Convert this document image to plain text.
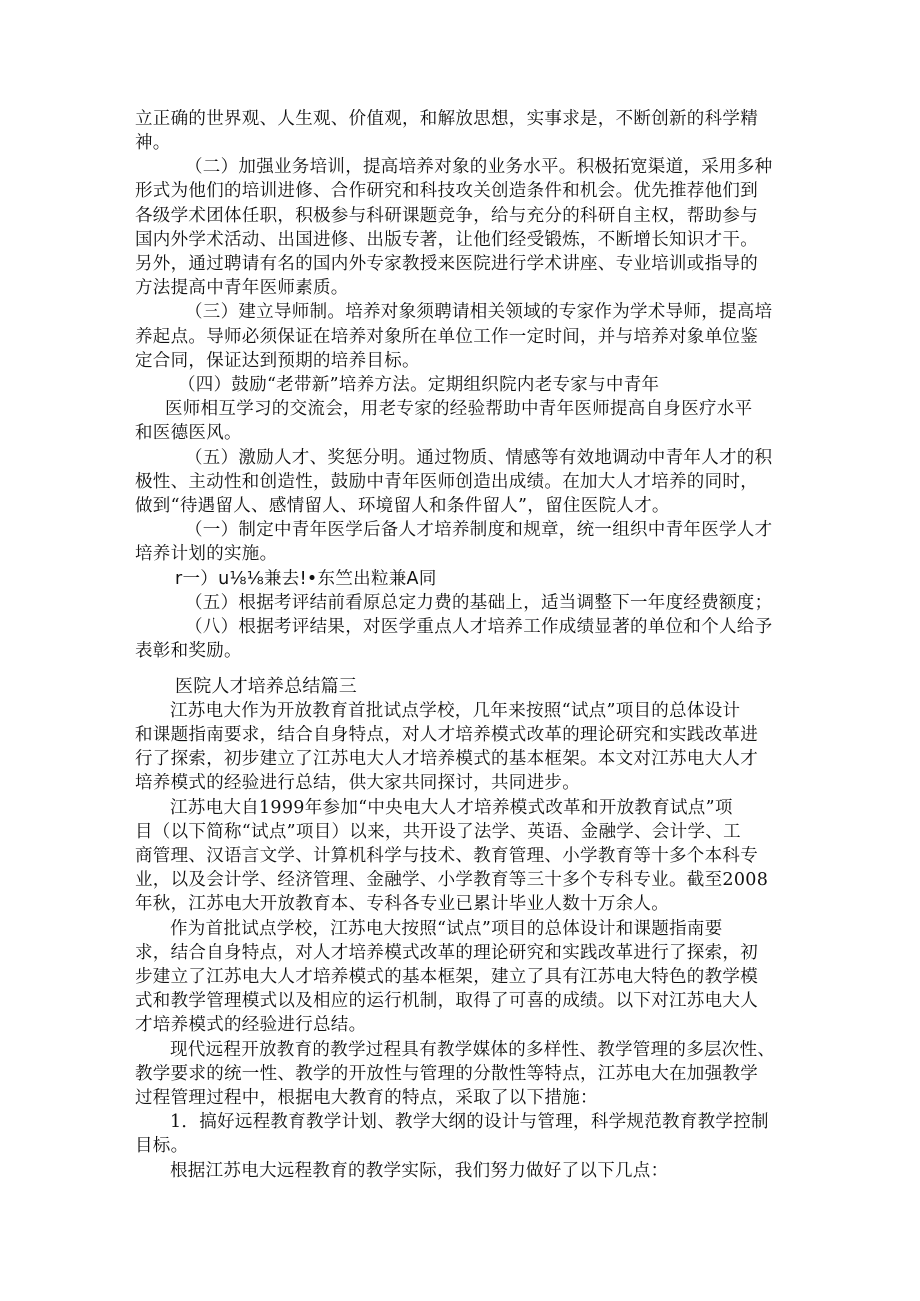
立正确的世界观、人生观、价值观，和解放思想，实事求是，不断创新的科学精
神。
（二）加强业务培训，提高培养对象的业务水平。积极拓宽渠道，采用多种
形式为他们的培训进修、合作研究和科技攻关创造条件和机会。优先推荐他们到
各级学术团体任职，积极参与科研课题竞争，给与充分的科研自主权，帮助参与
国内外学术活动、出国进修、出版专著，让他们经受锻炼，不断增长知识才干。
另外，通过聘请有名的国内外专家教授来医院进行学术讲座、专业培训或指导的
方法提高中青年医师素质。
（三）建立导师制。培养对象须聘请相关领域的专家作为学术导师，提高培
养起点。导师必须保证在培养对象所在单位工作一定时间，并与培养对象单位鉴
定合同，保证达到预期的培养目标。
（四）鼓励“老带新”培养方法。定期组织院内老专家与中青年
医师相互学习的交流会，用老专家的经验帮助中青年医师提高自身医疗水平
和医德医风。
（五）激励人才、奖惩分明。通过物质、情感等有效地调动中青年人才的积
极性、主动性和创造性，鼓励中青年医师创造出成绩。在加大人才培养的同时，
做到“待遇留人、感情留人、环境留人和条件留人”，留住医院人才。
（一）制定中青年医学后备人才培养制度和规章，统一组织中青年医学人才
培养计划的实施。
r一）u⅛⅛兼去!•东竺出粒兼A同
（五）根据考评结前看原总定力费的基础上，适当调整下一年度经费额度；
（八）根据考评结果，对医学重点人才培养工作成绩显著的单位和个人给予
表彰和奖励。
医院人才培养总结篇三
江苏电大作为开放教育首批试点学校，几年来按照“试点”项目的总体设计
和课题指南要求，结合自身特点，对人才培养模式改革的理论研究和实践改革进
行了探索，初步建立了江苏电大人才培养模式的基本框架。本文对江苏电大人才
培养模式的经验进行总结，供大家共同探讨，共同进步。
江苏电大自1999年参加“中央电大人才培养模式改革和开放教育试点”项
目（以下简称“试点”项目）以来，共开设了法学、英语、金融学、会计学、工
商管理、汉语言文学、计算机科学与技术、教育管理、小学教育等十多个本科专
业，以及会计学、经济管理、金融学、小学教育等三十多个专科专业。截至2008
年秋，江苏电大开放教育本、专科各专业已累计毕业人数十万余人。
作为首批试点学校，江苏电大按照“试点”项目的总体设计和课题指南要
求，结合自身特点，对人才培养模式改革的理论研究和实践改革进行了探索，初
步建立了江苏电大人才培养模式的基本框架，建立了具有江苏电大特色的教学模
式和教学管理模式以及相应的运行机制，取得了可喜的成绩。以下对江苏电大人
才培养模式的经验进行总结。
现代远程开放教育的教学过程具有教学媒体的多样性、教学管理的多层次性、
教学要求的统一性、教学的开放性与管理的分散性等特点，江苏电大在加强教学
过程管理过程中，根据电大教育的特点，采取了以下措施：
1．搞好远程教育教学计划、教学大纲的设计与管理，科学规范教育教学控制
目标。
根据江苏电大远程教育的教学实际，我们努力做好了以下几点：
